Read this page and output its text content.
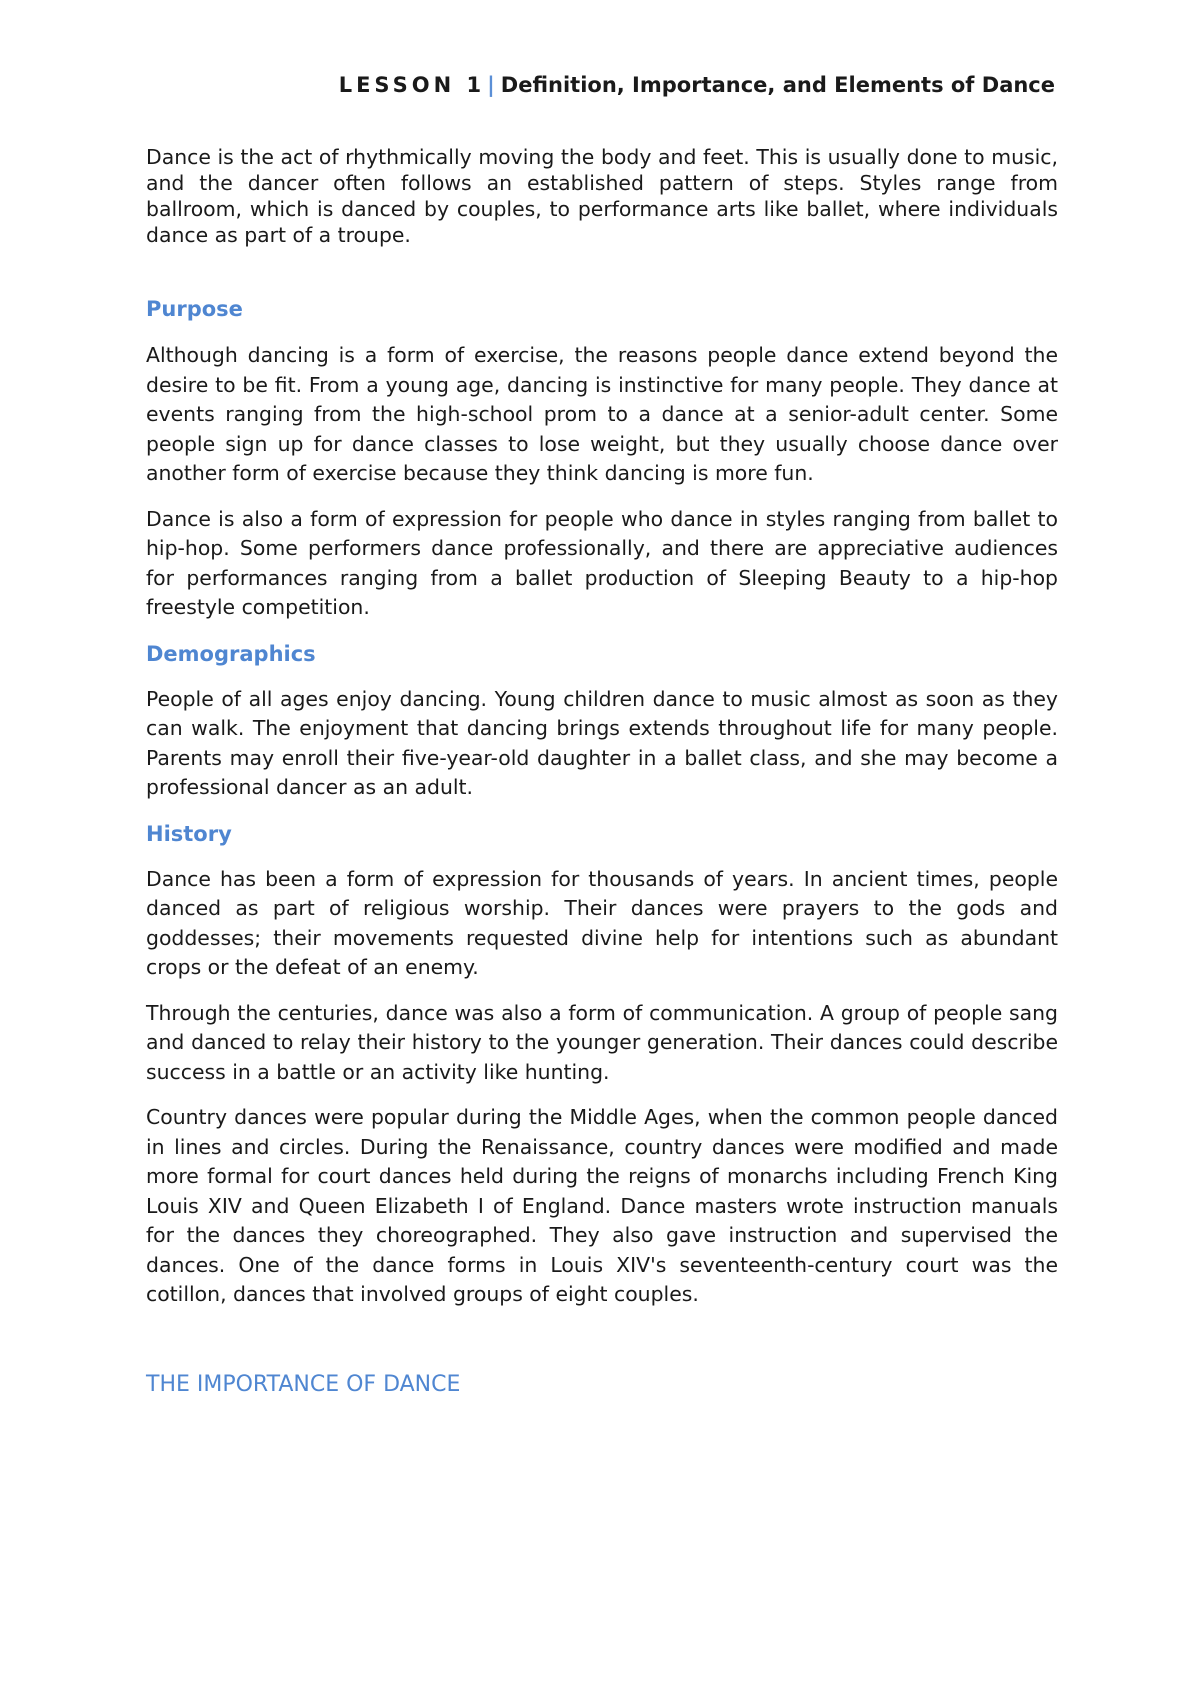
LESSON 1| Definition, Importance, and Elements of Dance

Dance is the act of rhythmically moving the body and feet. This is usually done to music, and the dancer often follows an established pattern of steps. Styles range from ballroom, which is danced by couples, to performance arts like ballet, where individuals dance as part of a troupe.

Purpose

Although dancing is a form of exercise, the reasons people dance extend beyond the desire to be fit. From a young age, dancing is instinctive for many people. They dance at events ranging from the high-school prom to a dance at a senior-adult center. Some people sign up for dance classes to lose weight, but they usually choose dance over another form of exercise because they think dancing is more fun.

Dance is also a form of expression for people who dance in styles ranging from ballet to hip-hop. Some performers dance professionally, and there are appreciative audiences for performances ranging from a ballet production of Sleeping Beauty to a hip-hop freestyle competition.

Demographics

People of all ages enjoy dancing. Young children dance to music almost as soon as they can walk. The enjoyment that dancing brings extends throughout life for many people. Parents may enroll their five-year-old daughter in a ballet class, and she may become a professional dancer as an adult.

History

Dance has been a form of expression for thousands of years. In ancient times, people danced as part of religious worship. Their dances were prayers to the gods and goddesses; their movements requested divine help for intentions such as abundant crops or the defeat of an enemy.

Through the centuries, dance was also a form of communication. A group of people sang and danced to relay their history to the younger generation. Their dances could describe success in a battle or an activity like hunting.

Country dances were popular during the Middle Ages, when the common people danced in lines and circles. During the Renaissance, country dances were modified and made more formal for court dances held during the reigns of monarchs including French King Louis XIV and Queen Elizabeth I of England. Dance masters wrote instruction manuals for the dances they choreographed. They also gave instruction and supervised the dances. One of the dance forms in Louis XIV's seventeenth-century court was the cotillon, dances that involved groups of eight couples.

THE IMPORTANCE OF DANCE
